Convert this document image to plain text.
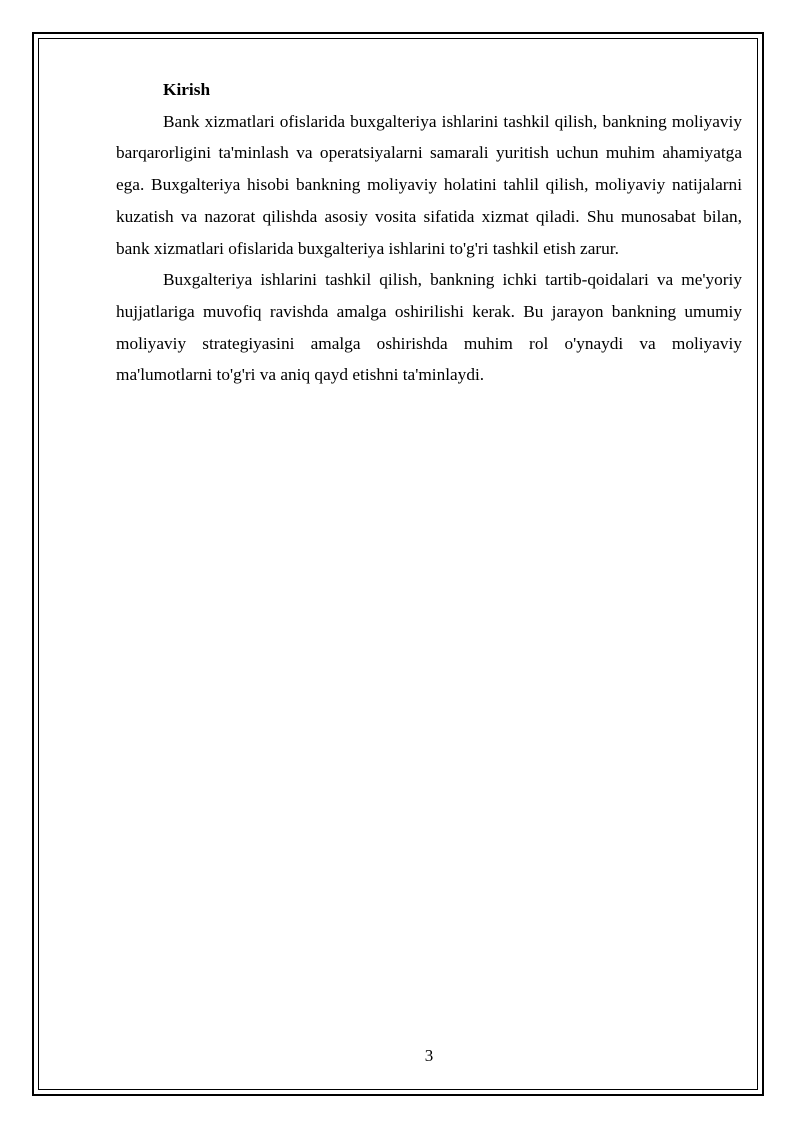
Kirish

Bank xizmatlari ofislarida buxgalteriya ishlarini tashkil qilish, bankning moliyaviy barqarorligini ta'minlash va operatsiyalarni samarali yuritish uchun muhim ahamiyatga ega. Buxgalteriya hisobi bankning moliyaviy holatini tahlil qilish, moliyaviy natijalarni kuzatish va nazorat qilishda asosiy vosita sifatida xizmat qiladi. Shu munosabat bilan, bank xizmatlari ofislarida buxgalteriya ishlarini to'g'ri tashkil etish zarur.

Buxgalteriya ishlarini tashkil qilish, bankning ichki tartib-qoidalari va me'yoriy hujjatlariga muvofiq ravishda amalga oshirilishi kerak. Bu jarayon bankning umumiy moliyaviy strategiyasini amalga oshirishda muhim rol o'ynaydi va moliyaviy ma'lumotlarni to'g'ri va aniq qayd etishni ta'minlaydi.

3
